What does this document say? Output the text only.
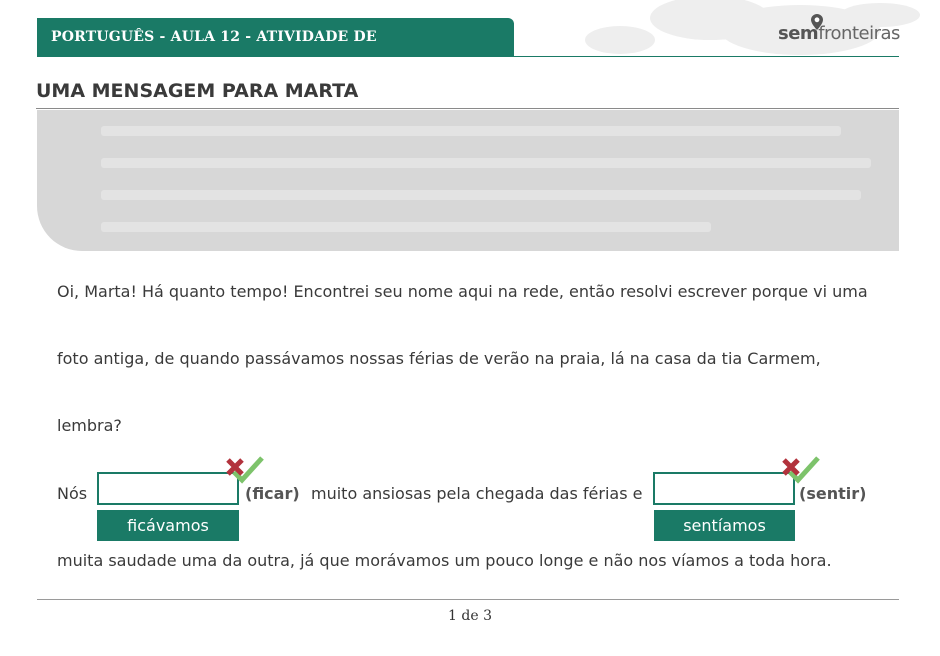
PORTUGUÊS - AULA 12 - ATIVIDADE DE APRENDIZAGEM
semfronteiras
UMA MENSAGEM PARA MARTA
Oi, Marta! Há quanto tempo! Encontrei seu nome aqui na rede, então resolvi escrever porque vi uma
foto antiga, de quando passávamos nossas férias de verão na praia, lá na casa da tia Carmem,
lembra?
Nós	(ficar)
ficávamos
muito ansiosas pela chegada das férias e	(sentir)
sentíamos
muita saudade uma da outra, já que morávamos um pouco longe e não nos víamos a toda hora.
1 de 3
